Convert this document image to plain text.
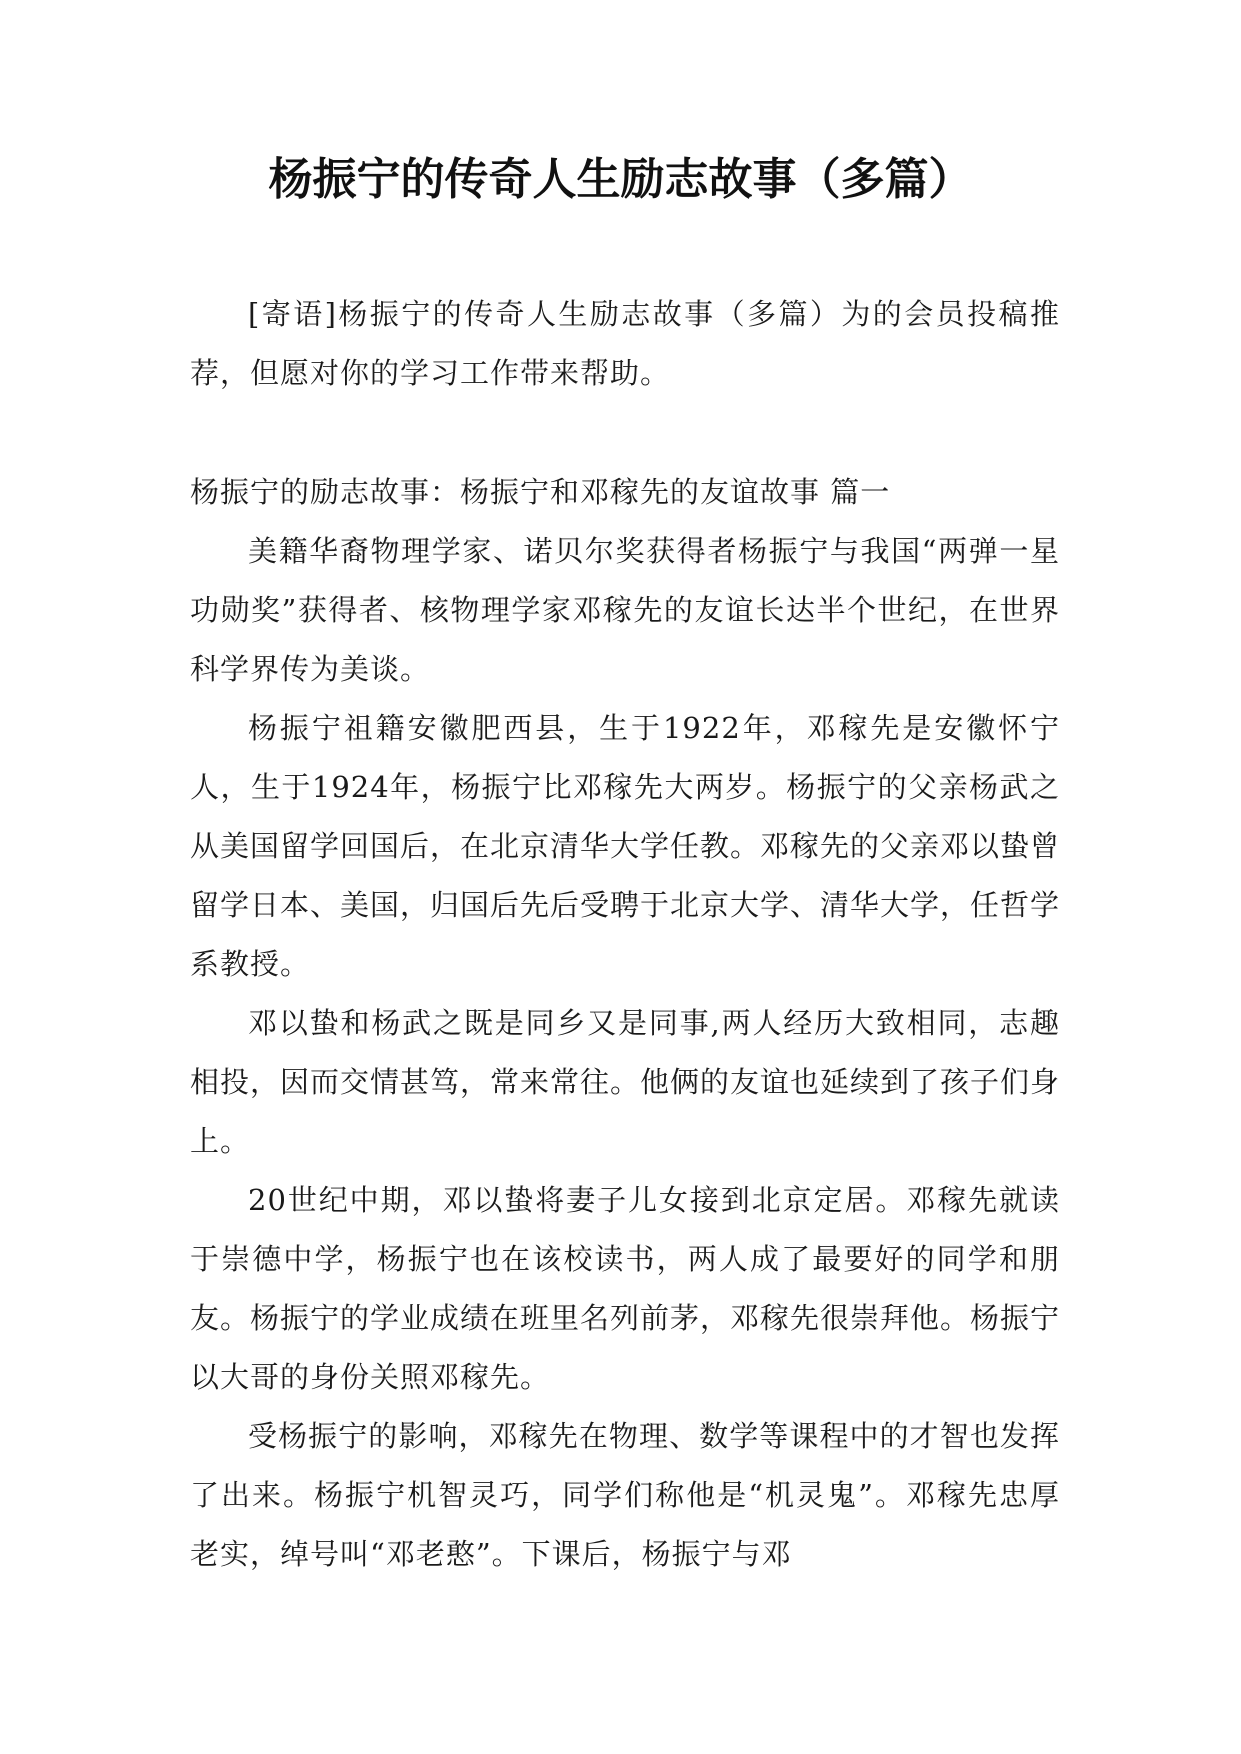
杨振宁的传奇人生励志故事（多篇）

[寄语]杨振宁的传奇人生励志故事（多篇）为的会员投稿推荐，但愿对你的学习工作带来帮助。

杨振宁的励志故事：杨振宁和邓稼先的友谊故事 篇一

美籍华裔物理学家、诺贝尔奖获得者杨振宁与我国“两弹一星功勋奖”获得者、核物理学家邓稼先的友谊长达半个世纪，在世界科学界传为美谈。

杨振宁祖籍安徽肥西县，生于1922年，邓稼先是安徽怀宁人，生于1924年，杨振宁比邓稼先大两岁。杨振宁的父亲杨武之从美国留学回国后，在北京清华大学任教。邓稼先的父亲邓以蛰曾留学日本、美国，归国后先后受聘于北京大学、清华大学，任哲学系教授。

邓以蛰和杨武之既是同乡又是同事,两人经历大致相同，志趣相投，因而交情甚笃，常来常往。他俩的友谊也延续到了孩子们身上。

20世纪中期，邓以蛰将妻子儿女接到北京定居。邓稼先就读于崇德中学，杨振宁也在该校读书，两人成了最要好的同学和朋友。杨振宁的学业成绩在班里名列前茅，邓稼先很崇拜他。杨振宁以大哥的身份关照邓稼先。

受杨振宁的影响，邓稼先在物理、数学等课程中的才智也发挥了出来。杨振宁机智灵巧，同学们称他是“机灵鬼”。邓稼先忠厚老实，绰号叫“邓老憨”。下课后，杨振宁与邓
